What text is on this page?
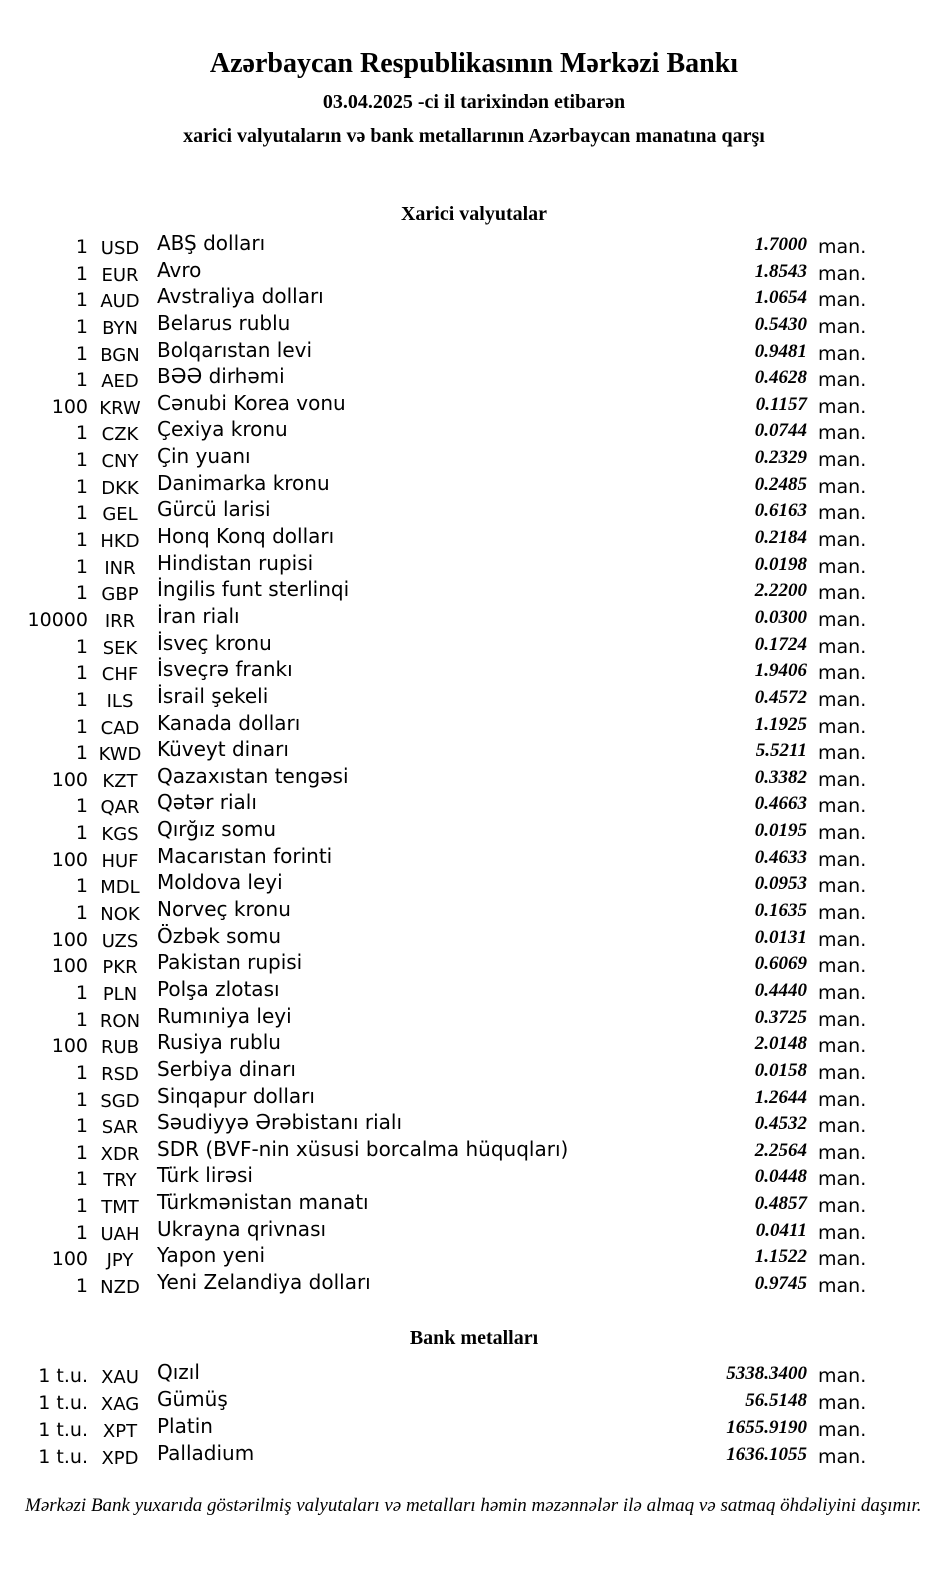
Azərbaycan Respublikasının Mərkəzi Bankı
03.04.2025 -ci il tarixindən etibarən
xarici valyutaların və bank metallarının Azərbaycan manatına qarşı
Xarici valyutalar
1 USD ABŞ dolları	1.7000 man.
1 EUR Avro	1.8543 man.
1 AUD Avstraliya dolları	1.0654 man.
1 BYN Belarus rublu	0.5430 man.
1 BGN Bolqarıstan levi	0.9481 man.
1 AED BƏƏ dirhəmi	0.4628 man.
100 KRW Cənubi Korea vonu	0.1157 man.
1 CZK Çexiya kronu	0.0744 man.
1 CNY Çin yuanı	0.2329 man.
1 DKK Danimarka kronu	0.2485 man.
1 GEL Gürcü larisi	0.6163 man.
1 HKD Honq Konq dolları	0.2184 man.
1 INR	Hindistan rupisi	0.0198 man.
1 GBP İngilis funt sterlinqi	2.2200 man.
10000 IRR	İran rialı	0.0300 man.
1 SEK İsveç kronu	0.1724 man.
1 CHF İsveçrə frankı	1.9406 man.
1	ILS	İsrail şekeli	0.4572 man.
1 CAD Kanada dolları	1.1925 man.
1 KWD Küveyt dinarı	5.5211 man.
100 KZT Qazaxıstan tengəsi	0.3382 man.
1 QAR Qətər rialı	0.4663 man.
1 KGS Qırğız somu	0.0195 man.
100 HUF Macarıstan forinti	0.4633 man.
1 MDL Moldova leyi	0.0953 man.
1 NOK Norveç kronu	0.1635 man.
100 UZS Özbək somu	0.0131 man.
100 PKR Pakistan rupisi	0.6069 man.
1 PLN Polşa zlotası	0.4440 man.
1 RON Rumıniya leyi	0.3725 man.
100 RUB Rusiya rublu	2.0148 man.
1 RSD Serbiya dinarı	0.0158 man.
1 SGD Sinqapur dolları	1.2644 man.
1 SAR Səudiyyə Ərəbistanı rialı	0.4532 man.
1 XDR SDR (BVF-nin xüsusi borcalma hüquqları)	2.2564 man.
1 TRY	Türk lirəsi	0.0448 man.
1 TMT Türkmənistan manatı	0.4857 man.
1 UAH Ukrayna qrivnası	0.0411 man.
100	JPY	Yapon yeni	1.1522 man.
1 NZD Yeni Zelandiya dolları	0.9745 man.
Bank metalları
1 t.u. XAU Qızıl	5338.3400 man.
1 t.u. XAG Gümüş	56.5148 man.
1 t.u. XPT Platin	1655.9190 man.
1 t.u. XPD Palladium	1636.1055 man.
Mərkəzi Bank yuxarıda göstərilmiş valyutaları və metalları həmin məzənnələr ilə almaq və satmaq öhdəliyini daşımır.
